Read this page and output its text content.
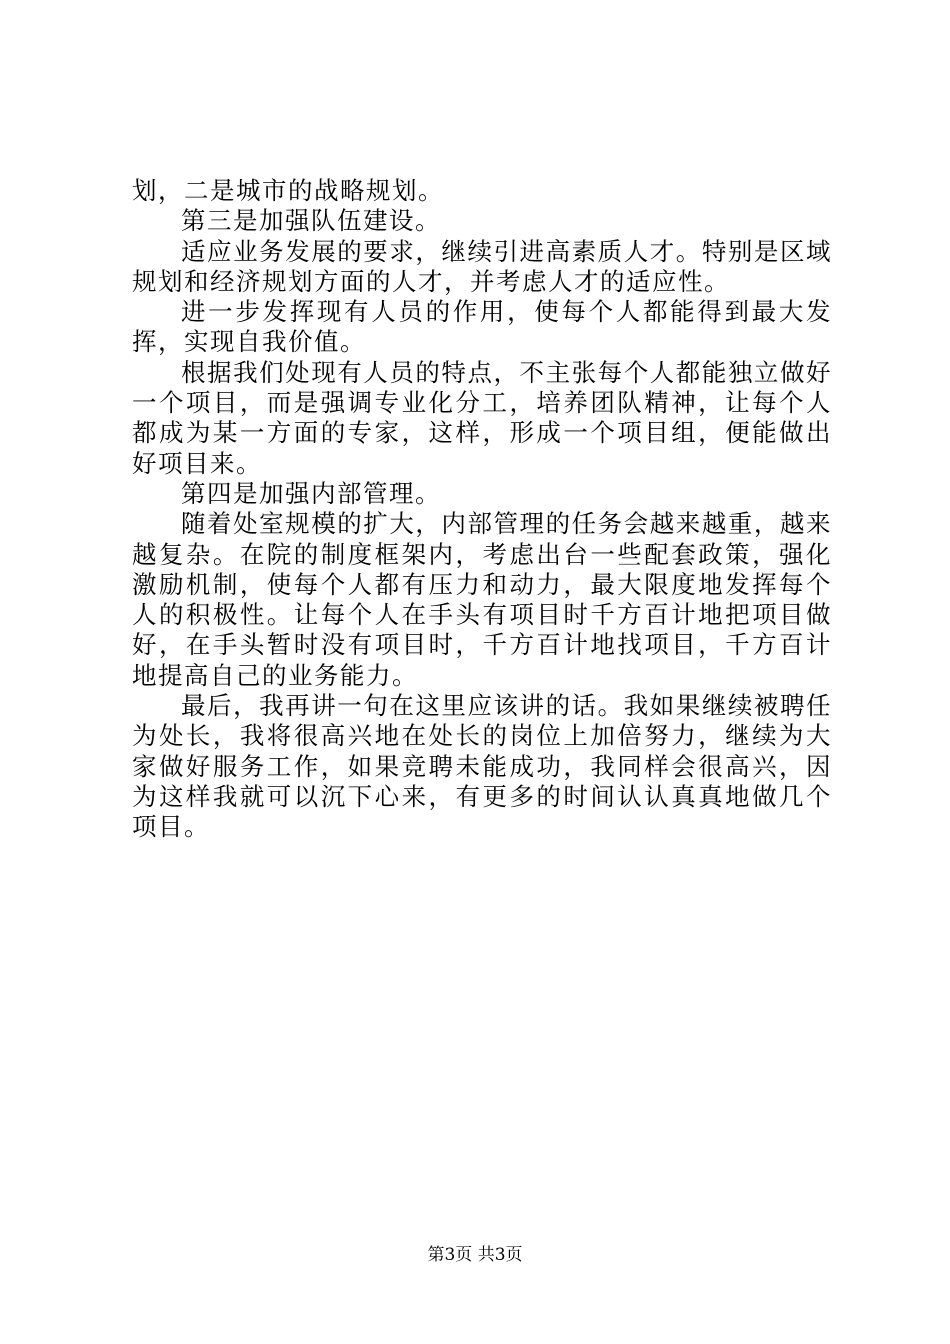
划，二是城市的战略规划。

第三是加强队伍建设。

适应业务发展的要求，继续引进高素质人才。特别是区域规划和经济规划方面的人才，并考虑人才的适应性。

进一步发挥现有人员的作用，使每个人都能得到最大发挥，实现自我价值。

根据我们处现有人员的特点，不主张每个人都能独立做好一个项目，而是强调专业化分工，培养团队精神，让每个人都成为某一方面的专家，这样，形成一个项目组，便能做出好项目来。

第四是加强内部管理。

随着处室规模的扩大，内部管理的任务会越来越重，越来越复杂。在院的制度框架内，考虑出台一些配套政策，强化激励机制，使每个人都有压力和动力，最大限度地发挥每个人的积极性。让每个人在手头有项目时千方百计地把项目做好，在手头暂时没有项目时，千方百计地找项目，千方百计地提高自己的业务能力。

最后，我再讲一句在这里应该讲的话。我如果继续被聘任为处长，我将很高兴地在处长的岗位上加倍努力，继续为大家做好服务工作，如果竞聘未能成功，我同样会很高兴，因为这样我就可以沉下心来，有更多的时间认认真真地做几个项目。

第3页 共3页
